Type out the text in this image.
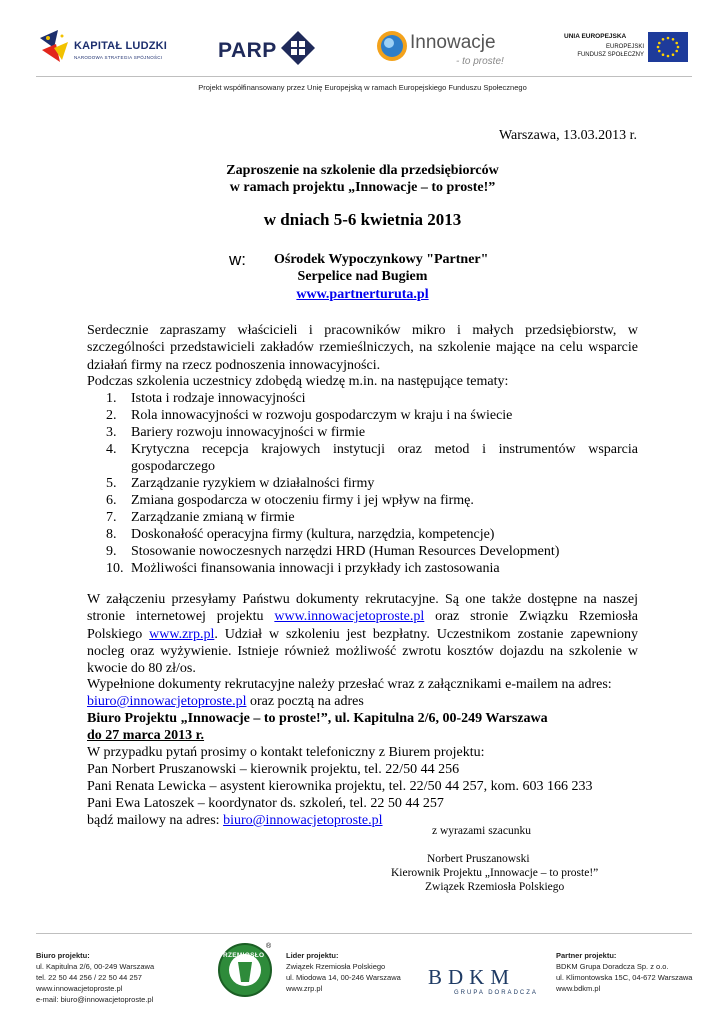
KAPITAŁ LUDZKI
NARODOWA STRATEGIA SPÓJNOŚCI	PARP	Innowacje
- to proste!
UNIA EUROPEJSKA
EUROPEJSKI
FUNDUSZ SPOŁECZNY
Projekt współfinansowany przez Unię Europejską w ramach Europejskiego Funduszu Społecznego
Warszawa, 13.03.2013 r.
Zaproszenie na szkolenie dla przedsiębiorców
w ramach projektu „Innowacje – to proste!”
w dniach 5-6 kwietnia 2013
w: Ośrodek Wypoczynkowy "Partner"
Serpelice nad Bugiem
www.partnerturuta.pl
Serdecznie zapraszamy właścicieli i pracowników mikro i małych przedsiębiorstw, w szczególności przedstawicieli zakładów rzemieślniczych, na szkolenie mające na celu wsparcie działań firmy na rzecz podnoszenia innowacyjności.
Podczas szkolenia uczestnicy zdobędą wiedzę m.in. na następujące tematy:
1. Istota i rodzaje innowacyjności
2. Rola innowacyjności w rozwoju gospodarczym w kraju i na świecie
3. Bariery rozwoju innowacyjności w firmie
4. Krytyczna recepcja krajowych instytucji oraz metod i instrumentów wsparcia gospodarczego
5. Zarządzanie ryzykiem w działalności firmy
6. Zmiana gospodarcza w otoczeniu firmy i jej wpływ na firmę.
7. Zarządzanie zmianą w firmie
8. Doskonałość operacyjna firmy (kultura, narzędzia, kompetencje)
9. Stosowanie nowoczesnych narzędzi HRD (Human Resources Development)
10. Możliwości finansowania innowacji i przykłady ich zastosowania
W załączeniu przesyłamy Państwu dokumenty rekrutacyjne. Są one także dostępne na naszej stronie internetowej projektu www.innowacjetoproste.pl oraz stronie Związku Rzemiosła Polskiego www.zrp.pl. Udział w szkoleniu jest bezpłatny. Uczestnikom zostanie zapewniony nocleg oraz wyżywienie. Istnieje również możliwość zwrotu kosztów dojazdu na szkolenie w kwocie do 80 zł/os.
Wypełnione dokumenty rekrutacyjne należy przesłać wraz z załącznikami e-mailem na adres:
biuro@innowacjetoproste.pl oraz pocztą na adres
Biuro Projektu „Innowacje – to proste!”, ul. Kapitulna 2/6, 00-249 Warszawa
do 27 marca 2013 r.
W przypadku pytań prosimy o kontakt telefoniczny z Biurem projektu:
Pan Norbert Pruszanowski – kierownik projektu, tel. 22/50 44 256
Pani Renata Lewicka – asystent kierownika projektu, tel. 22/50 44 257, kom. 603 166 233
Pani Ewa Latoszek – koordynator ds. szkoleń, tel. 22 50 44 257
bądź mailowy na adres: biuro@innowacjetoproste.pl
z wyrazami szacunku
Norbert Pruszanowski
Kierownik Projektu „Innowacje – to proste!”
Związek Rzemiosła Polskiego
Biuro projektu:
ul. Kapitulna 2/6, 00-249 Warszawa
tel. 22 50 44 256 / 22 50 44 257
www.innowacjetoproste.pl
e-mail: biuro@innowacjetoproste.pl
®
RZEMIOSŁO	Lider projektu:
Związek Rzemiosła Polskiego
ul. Miodowa 14, 00-246 Warszawa
www.zrp.pl	BDKM
GRUPA DORADCZA
Partner projektu:
BDKM Grupa Doradcza Sp. z o.o.
ul. Klimontowska 15C, 04-672 Warszawa
www.bdkm.pl
